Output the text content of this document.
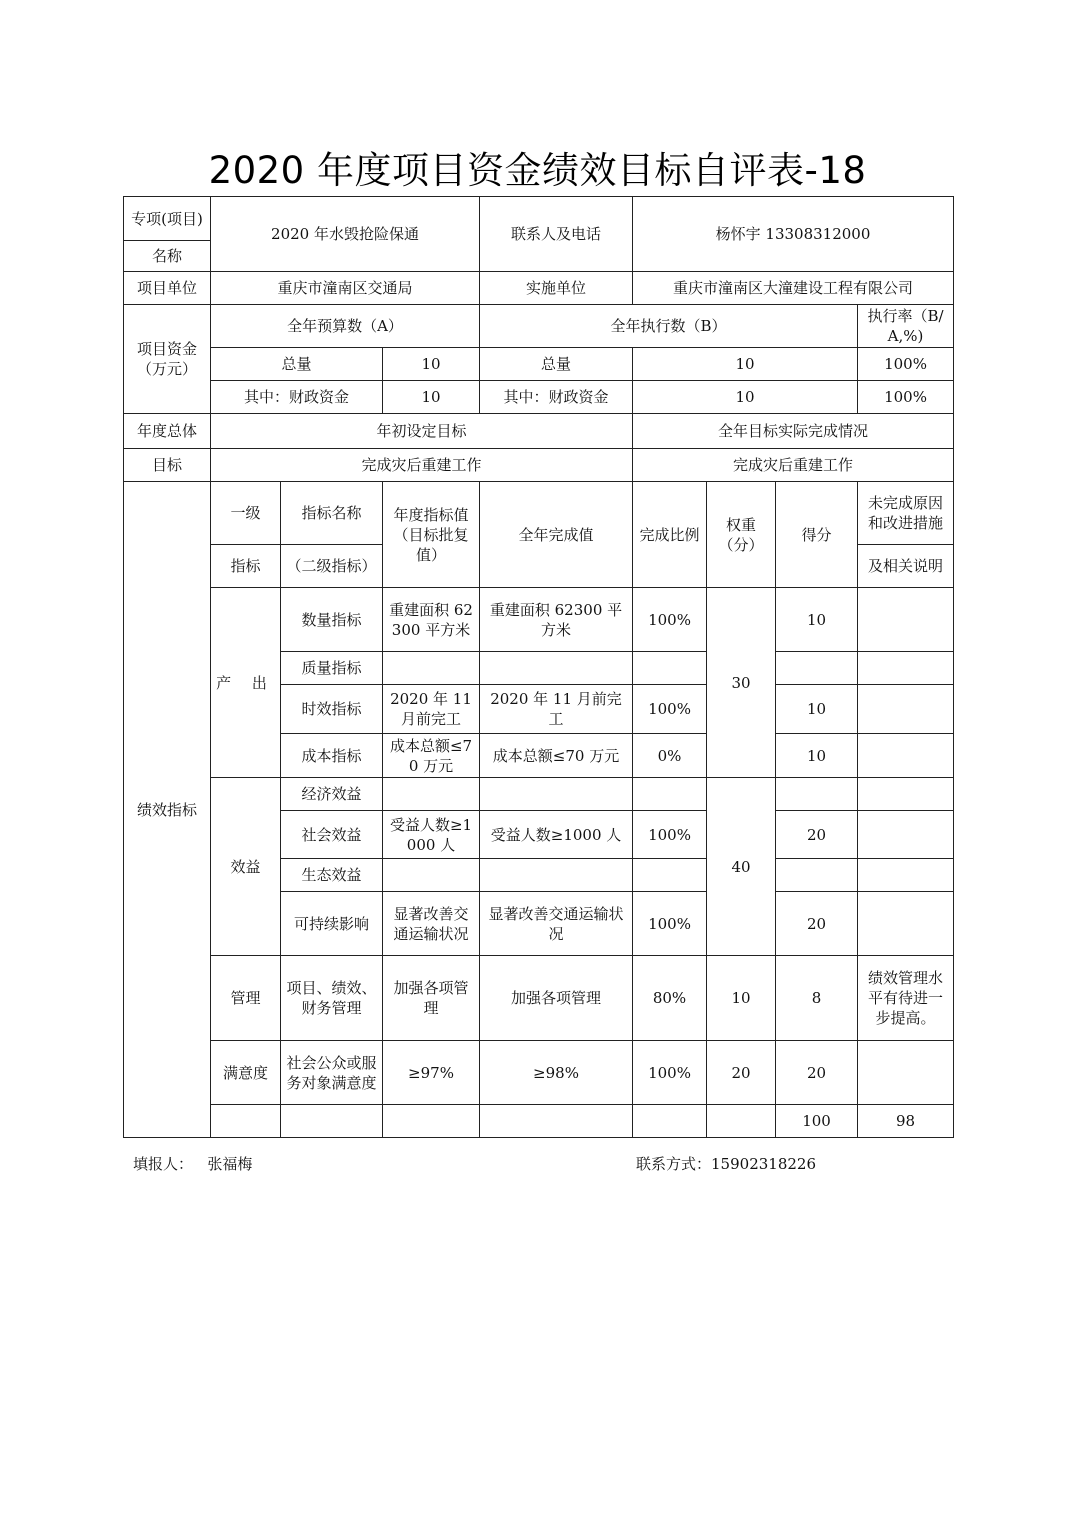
2020 年度项目资金绩效目标自评表-18
专项(项目)	2020 年水毁抢险保通			联系人及电话	杨怀宇 13308312000				
名称									
项目单位	重庆市潼南区交通局			实施单位	重庆市潼南区大潼建设工程有限公司				
项目资金（万元）	全年预算数（A）			全年执行数（B）				执行率（B/A,%)	
	总量		10	总量	10			100%	
	其中：财政资金		10	其中：财政资金	10			100%	
年度总体	年初设定目标				全年目标实际完成情况				
目标	完成灾后重建工作				完成灾后重建工作				
绩效指标	一级	指标名称	年度指标值（目标批复值）	全年完成值	完成比例	权重（分）	得分	未完成原因和改进措施	
	指标	（二级指标）						及相关说明	
	产 出	数量指标	重建面积 62300 平方米	重建面积 62300 平方米	100%	30	10		
		质量指标							
		时效指标	2020 年 11 月前完工	2020 年 11 月前完工	100%		10		
		成本指标	成本总额≤70 万元	成本总额≤70 万元	0%		10		
	效益	经济效益				40			
		社会效益	受益人数≥1000 人	受益人数≥1000 人	100%		20		
		生态效益							
		可持续影响	显著改善交通运输状况	显著改善交通运输状况	100%		20		
	管理	项目、绩效、财务管理	加强各项管理	加强各项管理	80%	10	8	绩效管理水平有待进一步提高。	
	满意度	社会公众或服务对象满意度	≥97%	≥98%	100%	20	20		
							100	98	
填报人： 张福梅	联系方式：15902318226
